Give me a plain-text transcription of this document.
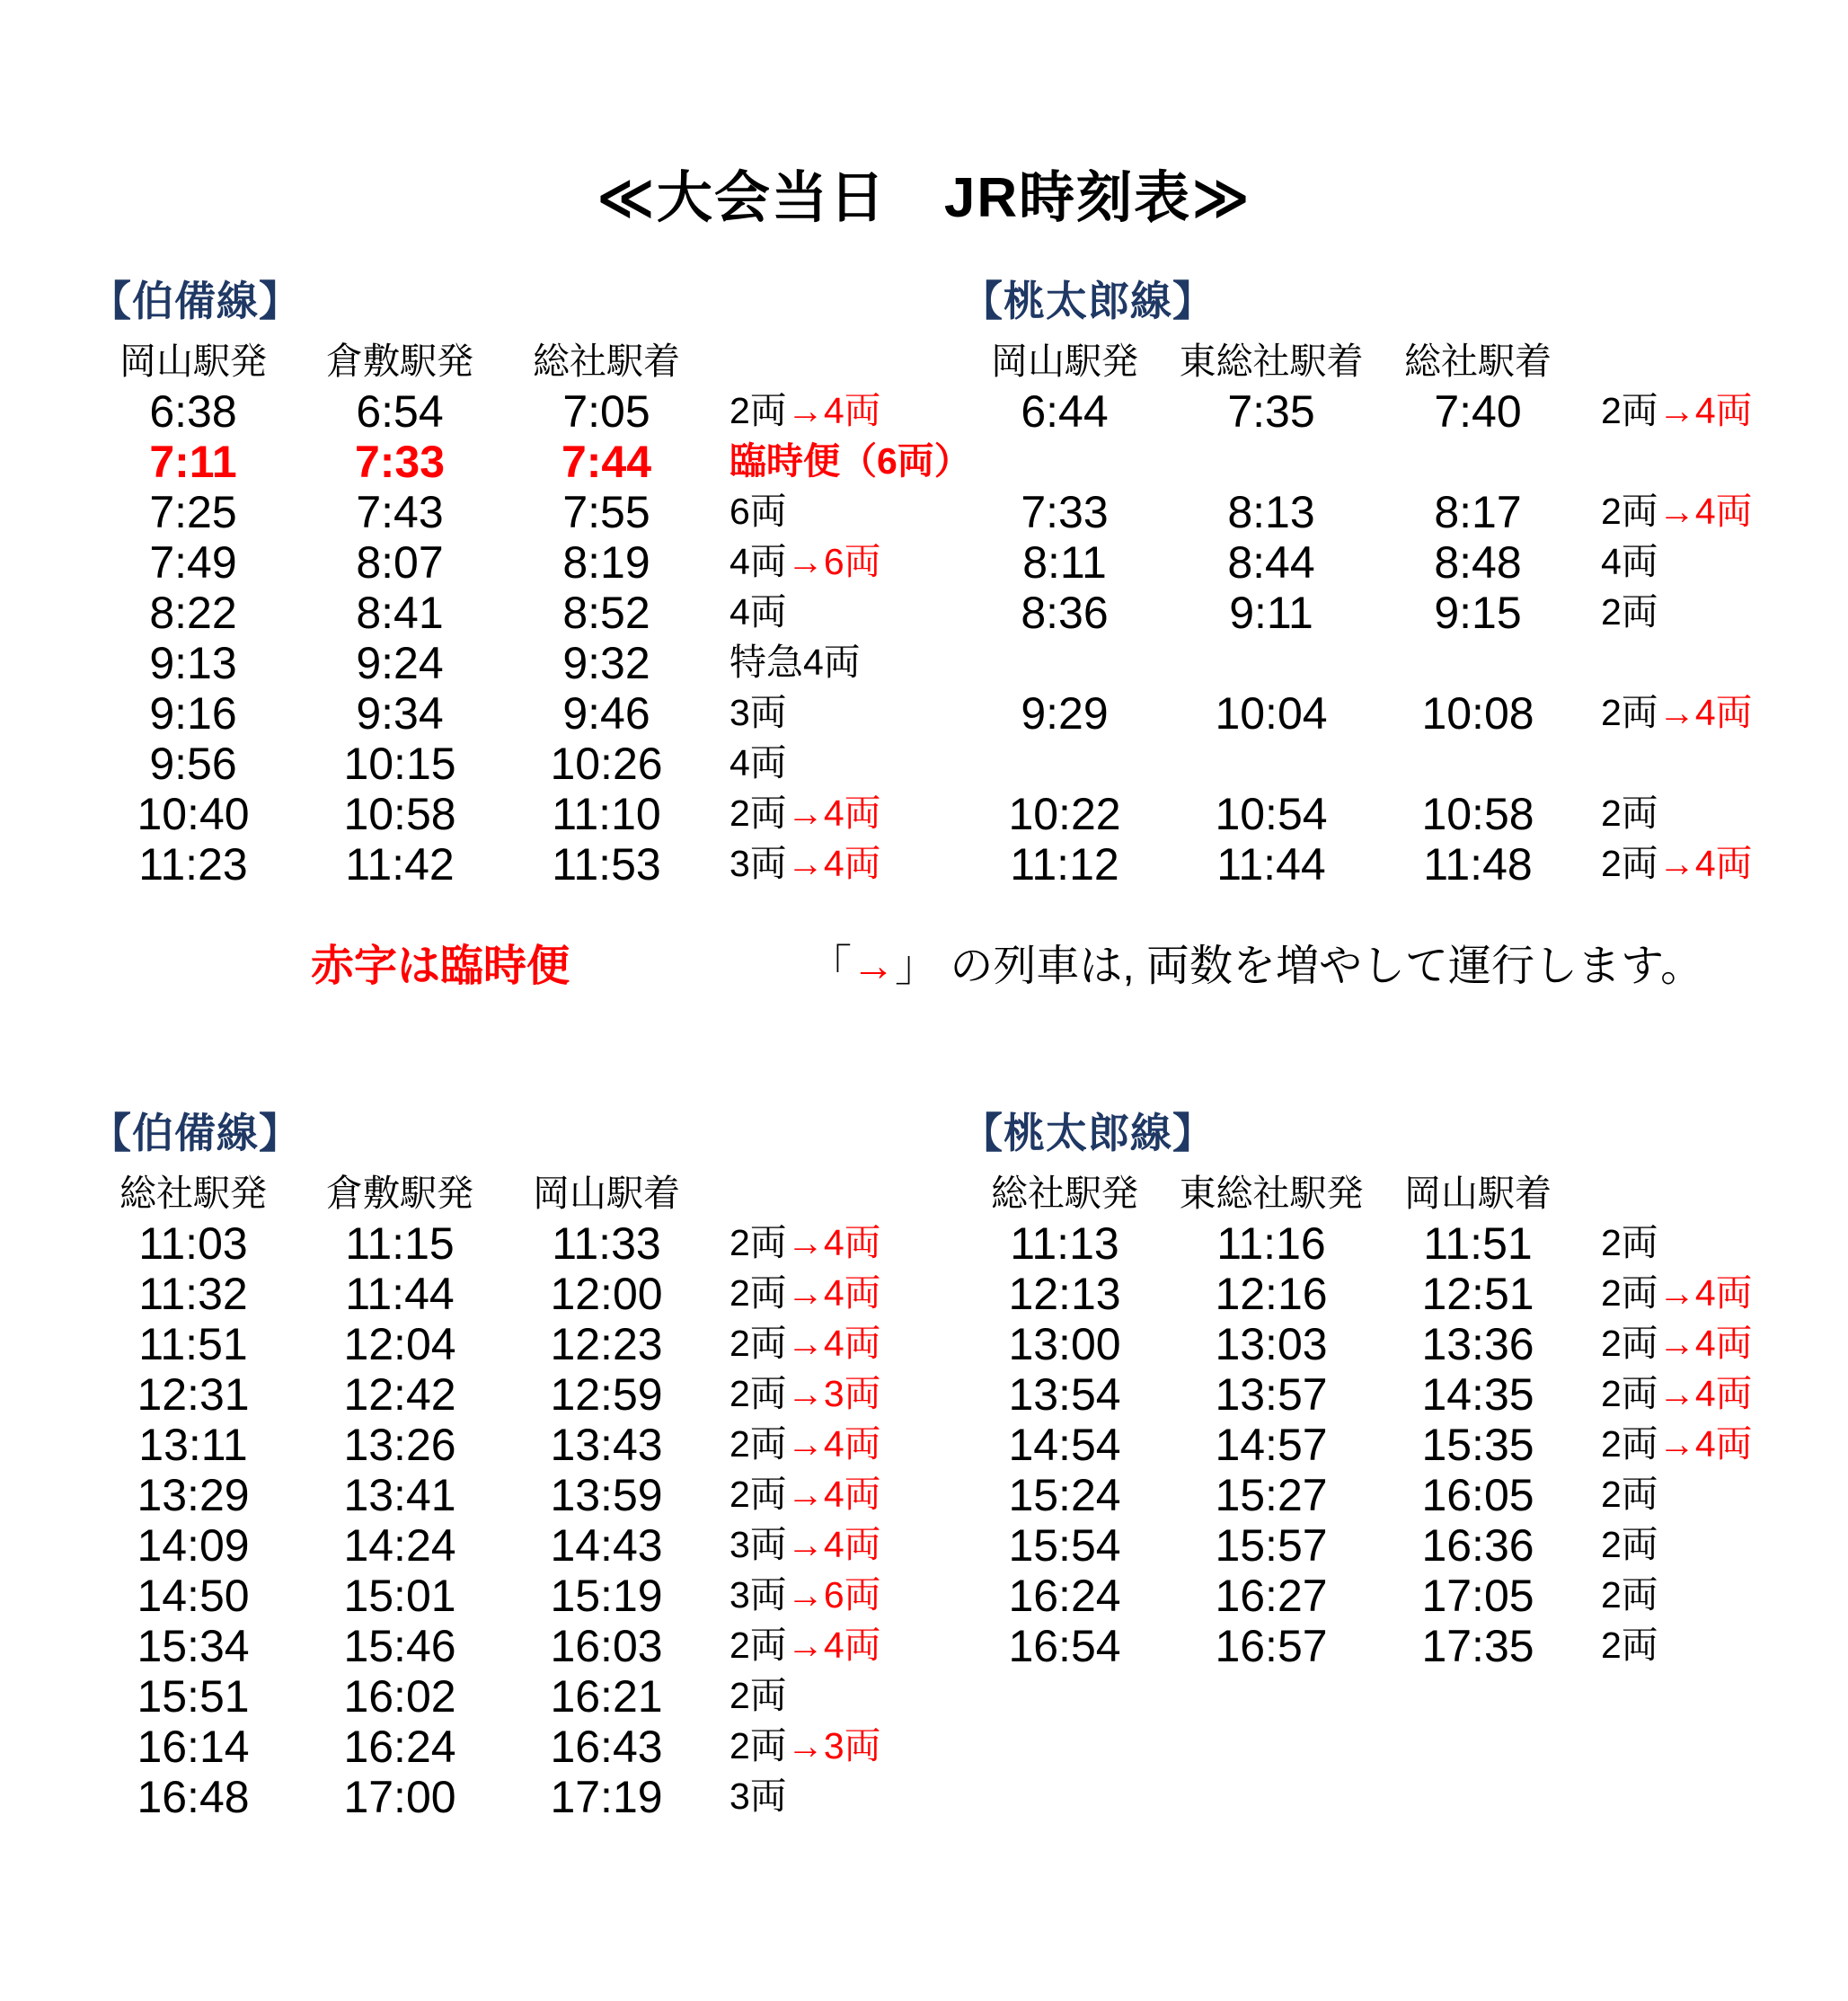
≪大会当日　JR時刻表≫
【伯備線】
岡山駅発	倉敷駅発	総社駅着	
6:38	6:54	7:05	2両→4両
7:11	7:33	7:44	臨時便（6両）
7:25	7:43	7:55	6両
7:49	8:07	8:19	4両→6両
8:22	8:41	8:52	4両
9:13	9:24	9:32	特急4両
9:16	9:34	9:46	3両
9:56	10:15	10:26	4両
10:40	10:58	11:10	2両→4両
11:23	11:42	11:53	3両→4両
【桃太郎線】
岡山駅発	東総社駅着	総社駅着	
6:44	7:35	7:40	2両→4両

7:33	8:13	8:17	2両→4両
8:11	8:44	8:48	4両
8:36	9:11	9:15	2両

9:29	10:04	10:08	2両→4両

10:22	10:54	10:58	2両
11:12	11:44	11:48	2両→4両
赤字は臨時便	「→」 の列車は, 両数を増やして運行します。
【伯備線】
総社駅発	倉敷駅発	岡山駅着	
11:03	11:15	11:33	2両→4両
11:32	11:44	12:00	2両→4両
11:51	12:04	12:23	2両→4両
12:31	12:42	12:59	2両→3両
13:11	13:26	13:43	2両→4両
13:29	13:41	13:59	2両→4両
14:09	14:24	14:43	3両→4両
14:50	15:01	15:19	3両→6両
15:34	15:46	16:03	2両→4両
15:51	16:02	16:21	2両
16:14	16:24	16:43	2両→3両
16:48	17:00	17:19	3両
【桃太郎線】
総社駅発	東総社駅発	岡山駅着	
11:13	11:16	11:51	2両
12:13	12:16	12:51	2両→4両
13:00	13:03	13:36	2両→4両
13:54	13:57	14:35	2両→4両
14:54	14:57	15:35	2両→4両
15:24	15:27	16:05	2両
15:54	15:57	16:36	2両
16:24	16:27	17:05	2両
16:54	16:57	17:35	2両
